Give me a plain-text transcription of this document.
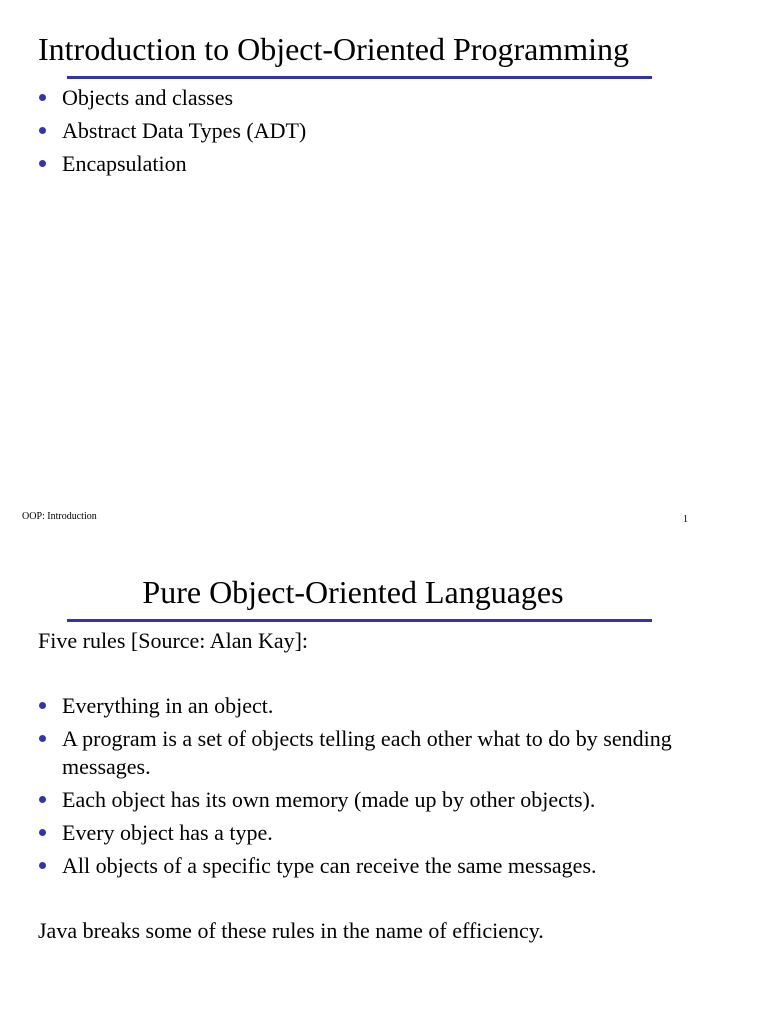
Introduction to Object-Oriented Programming
Objects and classes
Abstract Data Types (ADT)
Encapsulation
OOP: Introduction	1
Pure Object-Oriented Languages
Five rules [Source: Alan Kay]:
Everything in an object.
A program is a set of objects telling each other what to do by sending messages.
Each object has its own memory (made up by other objects).
Every object has a type.
All objects of a specific type can receive the same messages.
Java breaks some of these rules in the name of efficiency.
